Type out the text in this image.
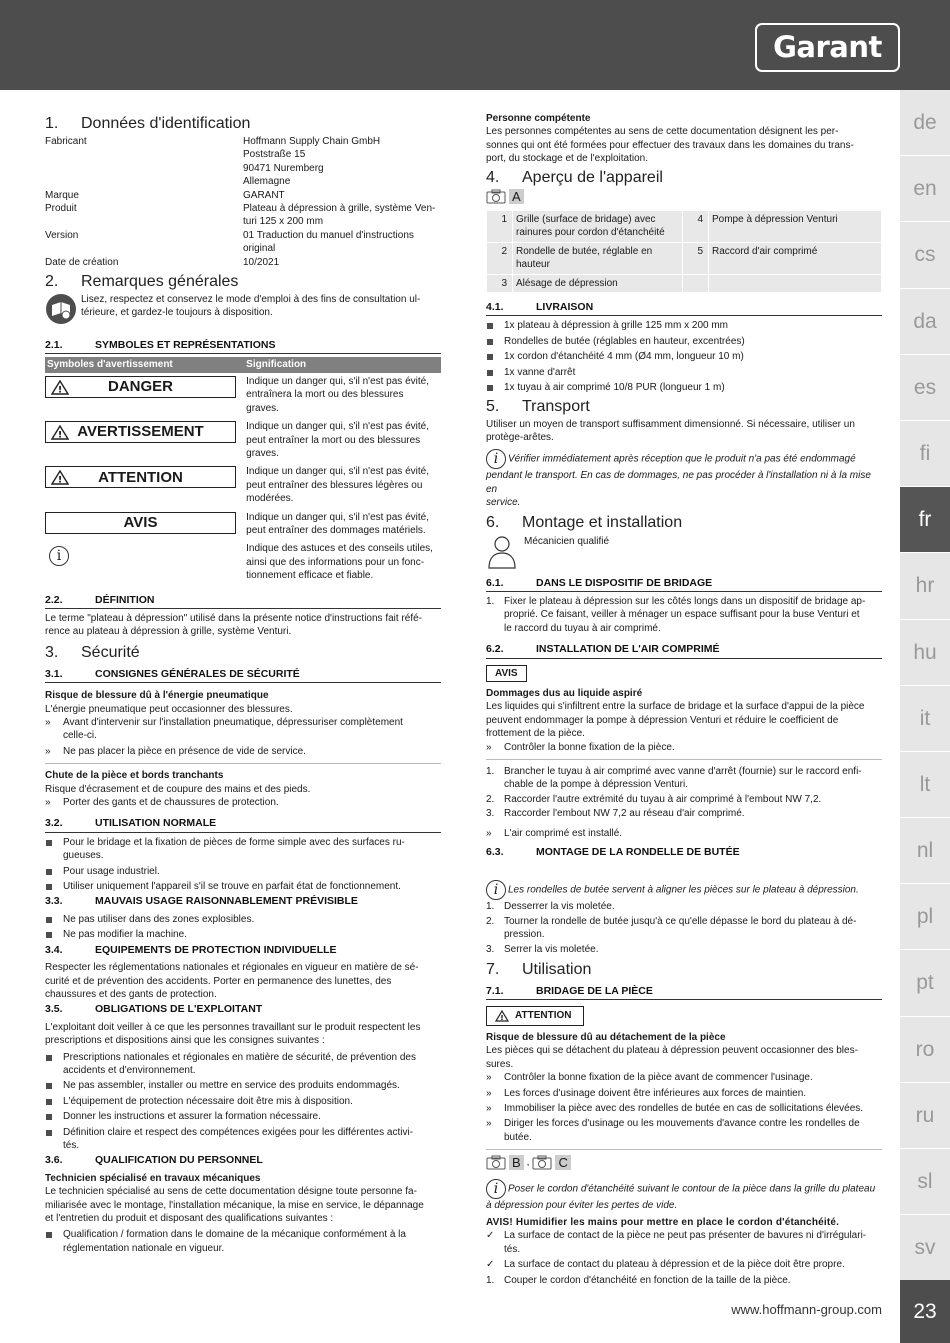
Garant
de
en
cs
da
es
fi
fr
hr
hu
it
lt
nl
pl
pt
ro
ru
sl
sv
23
www.hoffmann-group.com
1. Données d'identification
Fabricant	Hoffmann Supply Chain GmbH
Poststraße 15
90471 Nuremberg
Allemagne
Marque	GARANT
Produit	Plateau à dépression à grille, système Ven-
turi 125 x 200 mm
Version	01 Traduction du manuel d'instructions
original
Date de création	10/2021
2. Remarques générales
Lisez, respectez et conservez le mode d'emploi à des fins de consultation ul-
térieure, et gardez-le toujours à disposition.
2.1.	SYMBOLES ET REPRÉSENTATIONS
Symboles d'avertissement	Signification

! DANGER	Indique un danger qui, s'il n'est pas évité,
entraînera la mort ou des blessures
graves.

! AVERTISSEMENT	Indique un danger qui, s'il n'est pas évité,
peut entraîner la mort ou des blessures
graves.

! ATTENTION	Indique un danger qui, s'il n'est pas évité,
peut entraîner des blessures légères ou
modérées.

AVIS	Indique un danger qui, s'il n'est pas évité,
peut entraîner des dommages matériels.
i	Indique des astuces et des conseils utiles,
ainsi que des informations pour un fonc-
tionnement efficace et fiable.
2.2.	DÉFINITION
Le terme "plateau à dépression" utilisé dans la présente notice d'instructions fait réfé-
rence au plateau à dépression à grille, système Venturi.
3. Sécurité
3.1.	CONSIGNES GÉNÉRALES DE SÉCURITÉ
Risque de blessure dû à l'énergie pneumatique
L'énergie pneumatique peut occasionner des blessures.
» Avant d'intervenir sur l'installation pneumatique, dépressuriser complètement
celle-ci.
» Ne pas placer la pièce en présence de vide de service.
Chute de la pièce et bords tranchants
Risque d'écrasement et de coupure des mains et des pieds.
» Porter des gants et de chaussures de protection.
3.2.	UTILISATION NORMALE
Pour le bridage et la fixation de pièces de forme simple avec des surfaces ru-
gueuses.
Pour usage industriel.
Utiliser uniquement l'appareil s'il se trouve en parfait état de fonctionnement.
3.3.	MAUVAIS USAGE RAISONNABLEMENT PRÉVISIBLE
Ne pas utiliser dans des zones explosibles.
Ne pas modifier la machine.
3.4.	EQUIPEMENTS DE PROTECTION INDIVIDUELLE
Respecter les réglementations nationales et régionales en vigueur en matière de sé-
curité et de prévention des accidents. Porter en permanence des lunettes, des
chaussures et des gants de protection.
3.5.	OBLIGATIONS DE L'EXPLOITANT
L'exploitant doit veiller à ce que les personnes travaillant sur le produit respectent les
prescriptions et dispositions ainsi que les consignes suivantes :
Prescriptions nationales et régionales en matière de sécurité, de prévention des
accidents et d'environnement.
Ne pas assembler, installer ou mettre en service des produits endommagés.
L'équipement de protection nécessaire doit être mis à disposition.
Donner les instructions et assurer la formation nécessaire.
Définition claire et respect des compétences exigées pour les différentes activi-
tés.
3.6.	QUALIFICATION DU PERSONNEL
Technicien spécialisé en travaux mécaniques
Le technicien spécialisé au sens de cette documentation désigne toute personne fa-
miliarisée avec le montage, l'installation mécanique, la mise en service, le dépannage
et l'entretien du produit et disposant des qualifications suivantes :
Qualification / formation dans le domaine de la mécanique conformément à la
réglementation nationale en vigueur.
Personne compétente
Les personnes compétentes au sens de cette documentation désignent les per-
sonnes qui ont été formées pour effectuer des travaux dans les domaines du trans-
port, du stockage et de l'exploitation.
4. Aperçu de l'appareil
A
1	Grille (surface de bridage) avec
rainures pour cordon d'étanchéité	4	Pompe à dépression Venturi
2	Rondelle de butée, réglable en
hauteur	5	Raccord d'air comprimé
3	Alésage de dépression		
4.1.	LIVRAISON
1x plateau à dépression à grille 125 mm x 200 mm
Rondelles de butée (réglables en hauteur, excentrées)
1x cordon d'étanchéité 4 mm (Ø4 mm, longueur 10 m)
1x vanne d'arrêt
1x tuyau à air comprimé 10/8 PUR (longueur 1 m)
5. Transport
Utiliser un moyen de transport suffisamment dimensionné. Si nécessaire, utiliser un
protège-arêtes.
i Vérifier immédiatement après réception que le produit n'a pas été endommagé
pendant le transport. En cas de dommages, ne pas procéder à l'installation ni à la mise en
service.
6. Montage et installation
Mécanicien qualifié
6.1.	DANS LE DISPOSITIF DE BRIDAGE
1. Fixer le plateau à dépression sur les côtés longs dans un dispositif de bridage ap-
proprié. Ce faisant, veiller à ménager un espace suffisant pour la buse Venturi et
le raccord du tuyau à air comprimé.
6.2.	INSTALLATION DE L'AIR COMPRIMÉ
AVIS
Dommages dus au liquide aspiré
Les liquides qui s'infiltrent entre la surface de bridage et la surface d'appui de la pièce
peuvent endommager la pompe à dépression Venturi et réduire le coefficient de
frottement de la pièce.
» Contrôler la bonne fixation de la pièce.
1. Brancher le tuyau à air comprimé avec vanne d'arrêt (fournie) sur le raccord enfi-
chable de la pompe à dépression Venturi.
2. Raccorder l'autre extrémité du tuyau à air comprimé à l'embout NW 7,2.
3. Raccorder l'embout NW 7,2 au réseau d'air comprimé.
» L'air comprimé est installé.
6.3.	MONTAGE DE LA RONDELLE DE BUTÉE
i Les rondelles de butée servent à aligner les pièces sur le plateau à dépression.
1. Desserrer la vis moletée.
2. Tourner la rondelle de butée jusqu'à ce qu'elle dépasse le bord du plateau à dé-
pression.
3. Serrer la vis moletée.
7. Utilisation
7.1.	BRIDAGE DE LA PIÈCE
! ATTENTION
Risque de blessure dû au détachement de la pièce
Les pièces qui se détachent du plateau à dépression peuvent occasionner des bles-
sures.
» Contrôler la bonne fixation de la pièce avant de commencer l'usinage.
» Les forces d'usinage doivent être inférieures aux forces de maintien.
» Immobiliser la pièce avec des rondelles de butée en cas de sollicitations élevées.
» Diriger les forces d'usinage ou les mouvements d'avance contre les rondelles de
butée.
B , C
i Poser le cordon d'étanchéité suivant le contour de la pièce dans la grille du plateau
à dépression pour éviter les pertes de vide.
AVIS! Humidifier les mains pour mettre en place le cordon d'étanchéité.
✓ La surface de contact de la pièce ne peut pas présenter de bavures ni d'irrégulari-
tés.
✓ La surface de contact du plateau à dépression et de la pièce doit être propre.
1. Couper le cordon d'étanchéité en fonction de la taille de la pièce.
